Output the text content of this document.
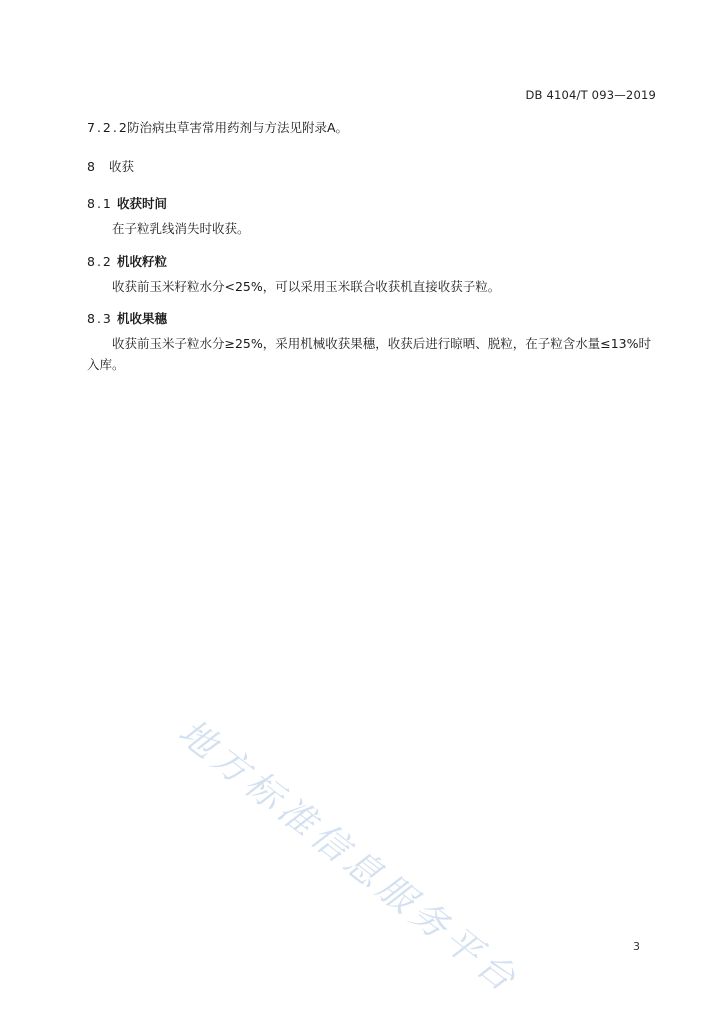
DB 4104/T 093—2019
7.2.2防治病虫草害常用药剂与方法见附录A。
8 收获
8.1 收获时间
在子粒乳线消失时收获。
8.2 机收籽粒
收获前玉米籽粒水分<25%，可以采用玉米联合收获机直接收获子粒。
8.3 机收果穗
收获前玉米子粒水分≥25%，采用机械收获果穗，收获后进行晾晒、脱粒，在子粒含水量≤13%时入库。
地方标准信息服务平台	3
